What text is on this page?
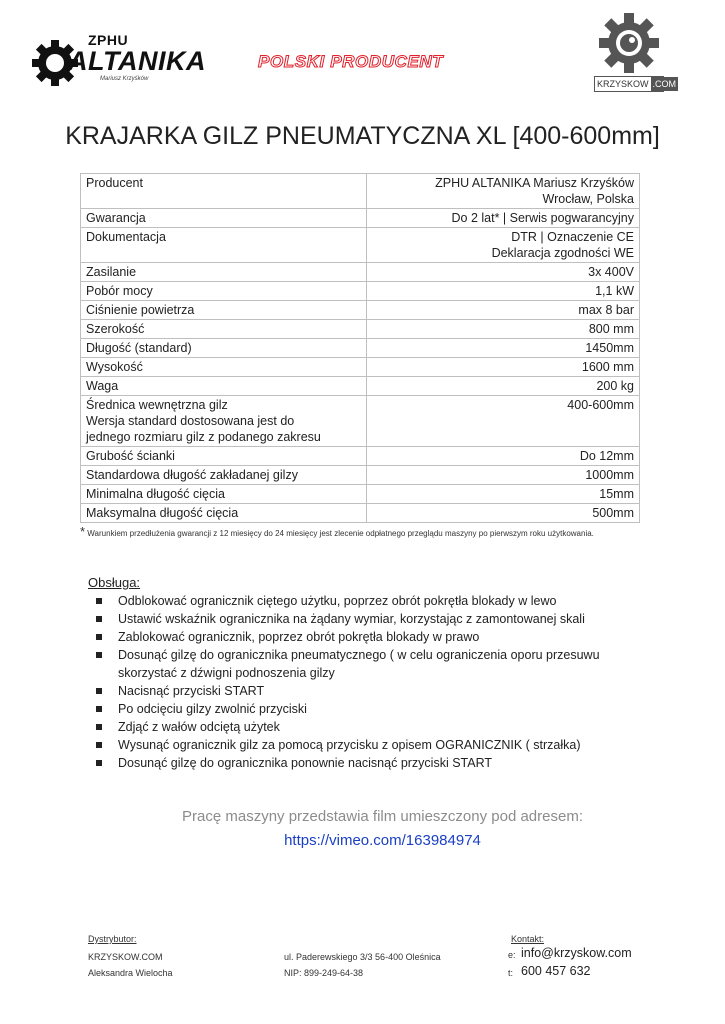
ZPHU
ALTANIKA
Mariusz Krzyśków
POLSKI PRODUCENT
KRZYSKOW .COM
KRAJARKA GILZ PNEUMATYCZNA XL [400-600mm]
Producent	ZPHU ALTANIKA Mariusz Krzyśków
Wrocław, Polska
Gwarancja	Do 2 lat* | Serwis pogwarancyjny
Dokumentacja	DTR | Oznaczenie CE
Deklaracja zgodności WE
Zasilanie	3x 400V
Pobór mocy	1,1 kW
Ciśnienie powietrza	max 8 bar
Szerokość	800 mm
Długość (standard)	1450mm
Wysokość	1600 mm
Waga	200 kg
Średnica wewnętrzna gilz
Wersja standard dostosowana jest do
jednego rozmiaru gilz z podanego zakresu	400-600mm
Grubość ścianki	Do 12mm
Standardowa długość zakładanej gilzy	1000mm
Minimalna długość cięcia	15mm
Maksymalna długość cięcia	500mm
* Warunkiem przedłużenia gwarancji z 12 miesięcy do 24 miesięcy jest zlecenie odpłatnego przeglądu maszyny po pierwszym roku użytkowania.
Obsługa:
Odblokować ogranicznik ciętego użytku, poprzez obrót pokrętła blokady w lewo
Ustawić wskaźnik ogranicznika na żądany wymiar, korzystając z zamontowanej skali
Zablokować ogranicznik, poprzez obrót pokrętła blokady w prawo
Dosunąć gilzę do ogranicznika pneumatycznego ( w celu ograniczenia oporu przesuwu skorzystać z dźwigni podnoszenia gilzy
Nacisnąć przyciski START
Po odcięciu gilzy zwolnić przyciski
Zdjąć z wałów odciętą użytek
Wysunąć ogranicznik gilz za pomocą przycisku z opisem OGRANICZNIK ( strzałka)
Dosunąć gilzę do ogranicznika ponownie nacisnąć przyciski START
Pracę maszyny przedstawia film umieszczony pod adresem:
https://vimeo.com/163984974
Dystrybutor:
KRZYSKOW.COM
Aleksandra Wielocha
ul. Paderewskiego 3/3 56-400 Oleśnica
NIP: 899-249-64-38
Kontakt:
e: info@krzyskow.com
t: 600 457 632
